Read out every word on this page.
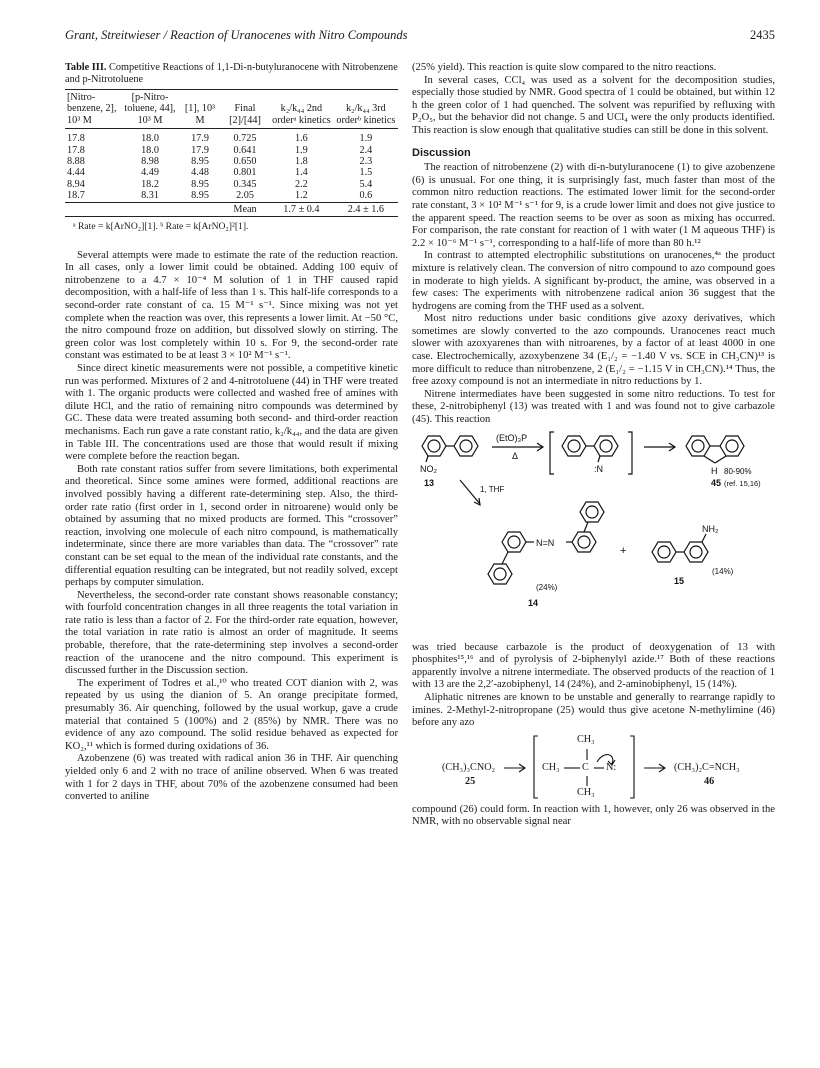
Grant, Streitwieser / Reaction of Uranocenes with Nitro Compounds	2435
Table III. Competitive Reactions of 1,1-Di-n-butyluranocene with Nitrobenzene and p-Nitrotoluene
[Nitro-benzene, 2], 10³ M	[p-Nitro-toluene, 44], 10³ M	[1], 10³ M	Final [2]/[44]	k₂/k₄₄ 2nd orderᵃ kinetics	k₂/k₄₄ 3rd orderᵇ kinetics
17.8	18.0	17.9	0.725	1.6	1.9
17.8	18.0	17.9	0.641	1.9	2.4
8.88	8.98	8.95	0.650	1.8	2.3
4.44	4.49	4.48	0.801	1.4	1.5
8.94	18.2	8.95	0.345	2.2	5.4
18.7	8.31	8.95	2.05	1.2	0.6
			Mean	1.7 ± 0.4	2.4 ± 1.6
ᵃ Rate = k[ArNO₂][1]. ᵇ Rate = k[ArNO₂]²[1].

Several attempts were made to estimate the rate of the reduction reaction. In all cases, only a lower limit could be obtained. Adding 100 equiv of nitrobenzene to a 4.7 × 10⁻⁴ M solution of 1 in THF caused rapid decomposition, with a half-life of less than 1 s. This half-life corresponds to a second-order rate constant of ca. 15 M⁻¹ s⁻¹. Since mixing was not yet complete when the reaction was over, this represents a lower limit. At −50 °C, the nitro compound froze on addition, but dissolved slowly on stirring. The green color was lost completely within 10 s. For 9, the second-order rate constant was estimated to be at least 3 × 10² M⁻¹ s⁻¹.

Since direct kinetic measurements were not possible, a competitive kinetic run was performed. Mixtures of 2 and 4-nitrotoluene (44) in THF were treated with 1. The organic products were collected and washed free of amines with dilute HCl, and the ratio of remaining nitro compounds was determined by GC. These data were treated assuming both second- and third-order reaction mechanisms. Each run gave a rate constant ratio, k₂/k₄₄, and the data are given in Table III. The concentrations used are those that would result if mixing were complete before the reaction began.

Both rate constant ratios suffer from severe limitations, both experimental and theoretical. Since some amines were formed, additional reactions are involved possibly having a different rate-determining step. Also, the third-order rate ratio (first order in 1, second order in nitroarene) would only be obtained by assuming that no mixed products are formed. This “crossover” reaction, involving one molecule of each nitro compound, is mathematically indeterminate, since there are more variables than data. The “crossover” rate constant can be set equal to the mean of the individual rate constants, and the differential equation resulting can be integrated, but not readily solved, except perhaps by computer simulation.

Nevertheless, the second-order rate constant shows reasonable constancy; with fourfold concentration changes in all three reagents the total variation in rate ratio is less than a factor of 2. For the third-order rate equation, however, the total variation in rate ratio is almost an order of magnitude. It seems probable, therefore, that the rate-determining step involves a second-order reaction of the uranocene and the nitro compound. This experiment is discussed further in the Discussion section.

The experiment of Todres et al.,¹⁰ who treated COT dianion with 2, was repeated by us using the dianion of 5. An orange precipitate formed, presumably 36. Air quenching, followed by the usual workup, gave a crude material that contained 5 (100%) and 2 (85%) by NMR. There was no evidence of any azo compound. The solid residue behaved as expected for KO₂,¹¹ which is formed during oxidations of 36.

Azobenzene (6) was treated with radical anion 36 in THF. Air quenching yielded only 6 and 2 with no trace of aniline observed. When 6 was treated with 1 for 2 days in THF, about 70% of the azobenzene consumed had been converted to aniline

(25% yield). This reaction is quite slow compared to the nitro reactions.

In several cases, CCl₄ was used as a solvent for the decomposition studies, especially those studied by NMR. Good spectra of 1 could be obtained, but within 12 h the green color of 1 had quenched. The solvent was repurified by refluxing with P₂O₅, but the behavior did not change. 5 and UCl₄ were the only products identified. This reaction is slow enough that qualitative studies can still be done in this solvent.

Discussion

The reaction of nitrobenzene (2) with di-n-butyluranocene (1) to give azobenzene (6) is unusual. For one thing, it is surprisingly fast, much faster than most of the common nitro reduction reactions. The estimated lower limit for the second-order rate constant, 3 × 10² M⁻¹ s⁻¹ for 9, is a crude lower limit and does not give justice to the apparent speed. The reaction seems to be over as soon as mixing has occurred. For comparison, the rate constant for reaction of 1 with water (1 M aqueous THF) is 2.2 × 10⁻⁶ M⁻¹ s⁻¹, corresponding to a half-life of more than 80 h.¹²

In contrast to attempted electrophilic substitutions on uranocenes,⁴ᵃ the product mixture is relatively clean. The conversion of nitro compound to azo compound goes in moderate to high yields. A significant by-product, the amine, was observed in a few cases: The experiments with nitrobenzene radical anion 36 suggest that the hydrogens are coming from the THF used as a solvent.

Most nitro reductions under basic conditions give azoxy derivatives, which sometimes are slowly converted to the azo compounds. Uranocenes react much slower with azoxyarenes than with nitroarenes, by a factor of at least 4000 in one case. Electrochemically, azoxybenzene 34 (E₁/₂ = −1.40 V vs. SCE in CH₃CN)¹³ is more difficult to reduce than nitrobenzene, 2 (E₁/₂ = −1.15 V in CH₃CN).¹⁴ Thus, the free azoxy compound is not an intermediate in nitro reductions by 1.

Nitrene intermediates have been suggested in some nitro reductions. To test for these, 2-nitrobiphenyl (13) was treated with 1 and was found not to give carbazole (45). This reaction

(EtO)₃P
Δ
NO₂
13
:N	H 80-90%
45 (ref. 15,16)
1, THF
N=N
+
NH₂
(24%)
(14%)
15
14

was tried because carbazole is the product of deoxygenation of 13 with phosphites¹⁵,¹⁶ and of pyrolysis of 2-biphenylyl azide.¹⁷ Both of these reactions apparently involve a nitrene intermediate. The observed products of the reaction of 1 with 13 are the 2,2′-azobiphenyl, 14 (24%), and 2-aminobiphenyl, 15 (14%).

Aliphatic nitrenes are known to be unstable and generally to rearrange rapidly to imines. 2-Methyl-2-nitropropane (25) would thus give acetone N-methylimine (46) before any azo

(CH₃)₃CNO₂
25
CH₃
CH₃ C N:
CH₃
(CH₃)₂C=NCH₃
46

compound (26) could form. In reaction with 1, however, only 26 was observed in the NMR, with no observable signal near
